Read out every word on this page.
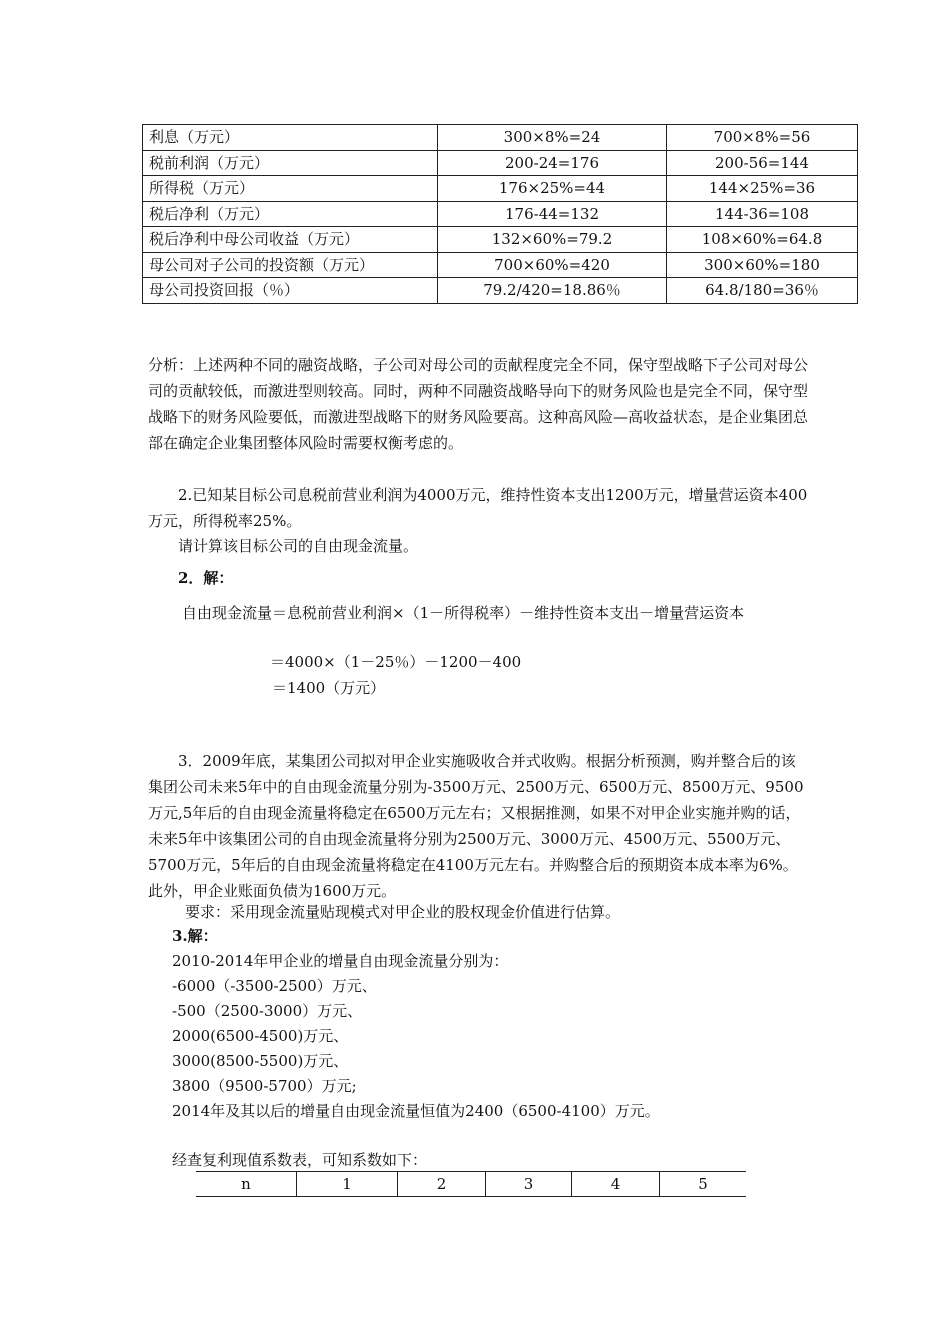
利息（万元）	300×8%=24	700×8%=56
税前利润（万元）	200-24=176	200-56=144
所得税（万元）	176×25%=44	144×25%=36
税后净利（万元）	176-44=132	144-36=108
税后净利中母公司收益（万元）	132×60%=79.2	108×60%=64.8
母公司对子公司的投资额（万元）	700×60%=420	300×60%=180
母公司投资回报（％）	79.2/420=18.86％	64.8/180=36％
分析：上述两种不同的融资战略，子公司对母公司的贡献程度完全不同，保守型战略下子公司对母公司的贡献较低，而激进型则较高。同时，两种不同融资战略导向下的财务风险也是完全不同，保守型战略下的财务风险要低，而激进型战略下的财务风险要高。这种高风险—高收益状态，是企业集团总部在确定企业集团整体风险时需要权衡考虑的。
2.已知某目标公司息税前营业利润为4000万元，维持性资本支出1200万元，增量营运资本400万元，所得税率25%。
请计算该目标公司的自由现金流量。
2．解：
自由现金流量＝息税前营业利润×（1－所得税率）－维持性资本支出－增量营运资本
＝4000×（1－25％）－1200－400
＝1400（万元）
3．2009年底，某集团公司拟对甲企业实施吸收合并式收购。根据分析预测，购并整合后的该集团公司未来5年中的自由现金流量分别为-3500万元、2500万元、6500万元、8500万元、9500万元,5年后的自由现金流量将稳定在6500万元左右；又根据推测，如果不对甲企业实施并购的话，未来5年中该集团公司的自由现金流量将分别为2500万元、3000万元、4500万元、5500万元、5700万元，5年后的自由现金流量将稳定在4100万元左右。并购整合后的预期资本成本率为6%。此外，甲企业账面负债为1600万元。
要求：采用现金流量贴现模式对甲企业的股权现金价值进行估算。
3.解：
2010-2014年甲企业的增量自由现金流量分别为：
-6000（-3500-2500）万元、
-500（2500-3000）万元、
2000(6500-4500)万元、
3000(8500-5500)万元、
3800（9500-5700）万元;
2014年及其以后的增量自由现金流量恒值为2400（6500-4100）万元。
经查复利现值系数表，可知系数如下：
n	1	2	3	4	5
